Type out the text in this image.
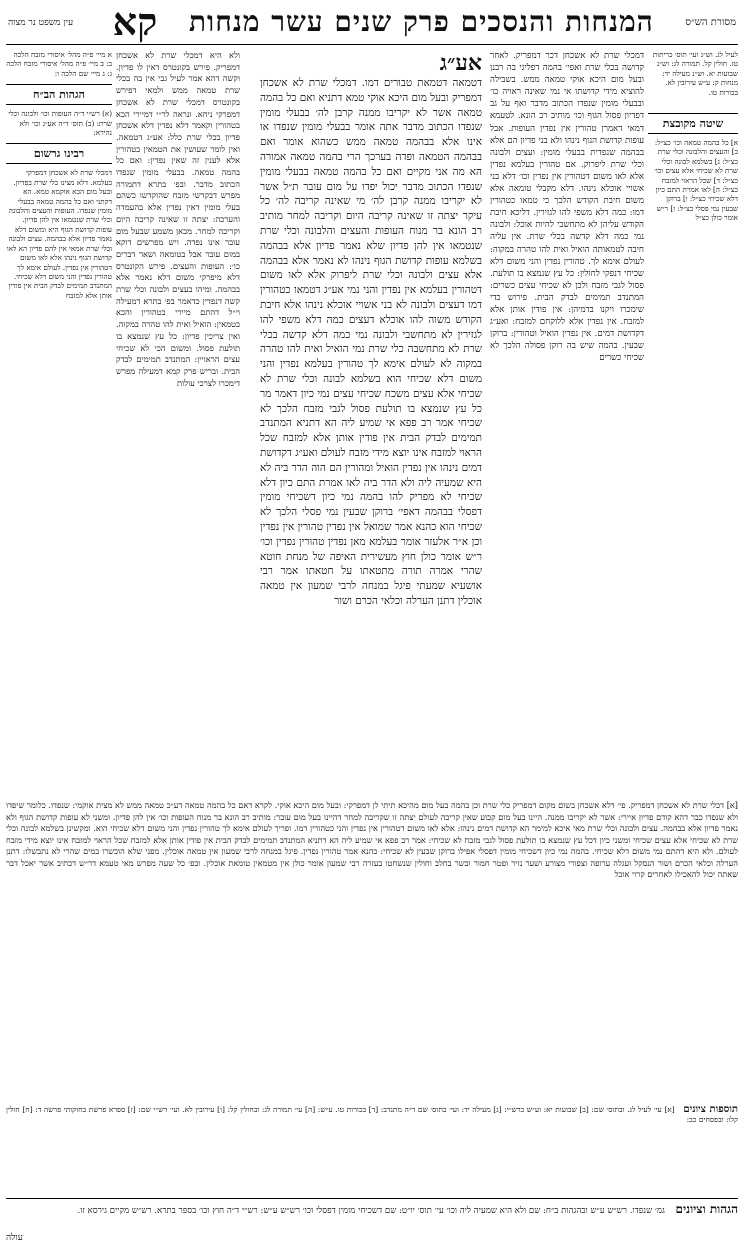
מסורת הש״ס
המנחות והנסכים פרק שנים עשר מנחות
קא
עין משפט נר מצוה
לעיל לג. וש״נ ועי׳ תוס׳ כריתות טז. חולין קל. תמורה לג: וש״נ שבועות יא. וש״נ מעילה יד: מנחות ק: ע״ש עירובין לא. בכורות טו.
שיטה מקובצת
א] כל בהמה טמאה וכו׳ כצ״ל: ב] והעצים והלבונה וכלי שרת כצ״ל: ג] בשלמא לבונה וכלי שרת לא שכיחי אלא עצים וכו׳ כצ״ל: ד] שכל הראוי למזבח כצ״ל: ה] לאו אמרת התם כיון דלא שכיחי כצ״ל: ו] ברוקן שבעין נמי פסלי כצ״ל: ז] ר״ש אומר כולן כצ״ל
דמכלי שרת לא אשכחן דכר דמפריק. לאחר קדושה בכלי שרת ואפי׳ בהמה דפליגי בה רבנן ובעל מום היכא אוקי טמאה ממש. בשבילה להוציא מידי קדושתו אי נמי שאינה ראויה כו׳ ובבעלי מומין שנפדו הכתוב מדבר ואף על גב דפדיון פסול הגוף וכו׳ מותיב רב הונא. לטעמא דמאי דאמרן טהורין אין נפדין העופות. אבל עופות קדושת הגוף נינהו ולא בני פדיון הם אלא בבהמה שנפדית בבעלי מומין: ועצים ולבונה וכלי שרת ליפרוק. אם טהורין בעלמא נפדין אלא לאו משום דטהורין אין נפדין וכו׳ דלא בני אשויי אוכלא נינהו. דלא מקבלי טומאה אלא משום חיבת הקודש הלכך כי טמאו כטהורין דמו: כמה דלא משפי להו לגזירין. דליכא חיבת הקודש עליהן לא מתחשבי להיות אוכל: ולבונה נמי כמה דלא קדשה בכלי שרת. אין עליה חיבה לטמאותה הואיל ואית להו טהרה במקוה: לעולם אימא לך. טהורין נפדין והני משום דלא שכיחי דנפקי לחולין: כל עץ שנמצא בו תולעת. פסול לגבי מזבח ולכן לא שכיחי עצים כשרים: המתנדב תמימים לבדק הבית. פירוש כדי שימכרו ויקנו בדמיהן: אין פודין אותן אלא למזבח. אין נפדין אלא ללוקחם למזבח: ואע״ג דקדושת דמים. אין נפדין הואיל וטהורין: ברוקן שבעין. בהמה שיש בה רוקן פסולה הלכך לא שכיחי כשרים
אע״ג
דטמאה דטמאת טבורים דמו. דמכלי שרת לא אשכחן דמפריק ובעל מום היכא אוקי טמא דתניא ואם כל בהמה טמאה אשר לא יקריבו ממנה קרבן לה׳ בבעלי מומין שנפדו הכתוב מדבר אתה אומר בבעלי מומין שנפדו או אינו אלא בבהמה טמאה ממש כשהוא אומר ואם בבהמה הטמאה ופדה בערכך הרי בהמה טמאה אמורה הא מה אני מקיים ואם כל בהמה טמאה בבעלי מומין שנפדו הכתוב מדבר יכול יפדו על מום עובר ת״ל אשר לא יקריבו ממנה קרבן לה׳ מי שאינה קריבה לה׳ כל עיקר יצתה זו שאינה קריבה היום וקריבה למחר מותיב רב הונא בר מנוח העופות והעצים והלבונה וכלי שרת שנטמאו אין להן פדיון שלא נאמר פדיון אלא בבהמה בשלמא עופות קדושת הגוף נינהו לא נאמר אלא בבהמה אלא עצים ולבונה וכלי שרת ליפרוק אלא לאו משום דטהורין בעלמא אין נפדין והני נמי אע״ג דטמאו כטהורין דמו דעצים ולבונה לא בני אשויי אוכלא נינהו אלא חיבת הקודש משוה להו אוכלא דעצים כמה דלא משפי להו לגזירין לא מתחשבי ולבונה נמי כמה דלא קדשה בכלי שרת לא מתחשבה כלי שרת נמי הואיל ואית להו טהרה במקוה לא לעולם אימא לך טהורין בעלמא נפדין והני משום דלא שכיחי הוא בשלמא לבונה וכלי שרת לא שכיחי אלא עצים משכח שכיחי עצים נמי כיון דאמר מר כל עץ שנמצא בו תולעת פסול לגבי מזבח הלכך לא שכיחי אמר רב פפא אי שמיע ליה הא דתניא המתנדב תמימים לבדק הבית אין פודין אותן אלא למזבח שכל הראוי למזבח אינו יוצא מידי מזבח לעולם ואע״ג דקדושת דמים נינהו אין נפדין הואיל ומהורין הם הוה הדר ביה לא היא שמעיה ליה ולא הדר ביה לאו אמרת התם כיון דלא שכיחי לא מפריק להו בהמה נמי כיון דשכיחי מומין דפסלי בבהמה דאפי׳ ברוקן שבעין נמי פסלי הלכך לא שכיחי הוא כהנא אמר שמואל אין נפדין טהורין אין נפדין וכן א״ר אלעזר אומר בעלמא מאן נפדין טהורין נפדין וכו׳ ר״ש אומר כולן חוץ מעשירית האיפה של מנחת חוטא שהרי אמרה תורה מתטאתו על חטאתו אמר רבי אושעיא שמעתי פיגל במנחה לרבי שמעון אין טמאה אוכלין דתנן הערלה וכלאי הכרם ושור
ולא היא דמכלי שרת לא אשכחן דמפריק. פירש בקונטרס דאין לו פדיון. וקשה דהא אמר לעיל גבי אין בה בכלי שרת טמאה ממש ולמאי דפירש בקונטרס דמכלי שרת לא אשכחן דמפרקי ניחא. ונראה לר״י דמיירי הכא בטהורין וקאמר דלא נפדין דלא אשכחן פדיון בכלי שרת כלל: אע״ג דטמאה. ואין לומר שעושין את הטמאין כטהורין אלא לענין זה שאין נפדין: ואם כל בהמה טמאה. בבעלי מומין שנפדו הכתוב מדבר. ובפ׳ בתרא דתמורה מפרש דבקדשי מזבח שהוקדשו כשהם בעלי מומין דאין נפדין אלא בהעמדה והערכה: יצתה זו שאינה קריבה היום וקריבה למחר. מכאן משמע שבעל מום עובר אינו נפדה. ויש מפרשים דוקא במום עובר אבל בטומאה ושאר דברים כו׳: העופות והעצים. פירש הקונטרס דלא מיפרקי משום דלא נאמר אלא בבהמה. ומיהו בעצים ולבונה וכלי שרת קשה דנפדין כדאמר בפ׳ בתרא דמעילה וי״ל דהתם מיירי בטהורין והכא בטמאין: הואיל ואית להו טהרה במקוה. ואין צריכין פדיון: כל עץ שנמצא בו תולעת פסול. ומשום הכי לא שכיחי עצים הראויין: המתנדב תמימים לבדק הבית. ובריש פרק קמא דמעילה מפרש דימכרו לצרכי עולות
א מיי׳ פ״ה מהל׳ איסורי מזבח הלכה ב: ב מיי׳ פ״ה מהל׳ איסורי מזבח הלכה ג: ג מיי׳ שם הלכה ו:
הגהות הב״ח
(א) רש״י ד״ה העופות וכו׳ ולבונה וכלי שרת: (ב) תוס׳ ד״ה אע״ג וכו׳ ולא נהירא:
רבינו גרשום
דמכלי שרת לא אשכחן דמפרקי בעלמא. דלא מצינו כלי שרת בפדיון. ובעל מום הכא אוקמא טמא. הא דקתני ואם כל בהמה טמאה בבעלי מומין שנפדו. העופות והעצים והלבונה וכלי שרת שנטמאו אין להן פדיון. עופות קדושת הגוף היא ומשום דלא נאמר פדיון אלא בבהמה. עצים ולבונה וכלי שרת אמאי אין להם פדיון הא לאו קדושת הגוף נינהו אלא לאו משום דטהורין אין נפדין. לעולם אימא לך טהורין נפדין והני משום דלא שכיחי. המתנדב תמימים לבדק הבית אין פודין אותן אלא למזבח
[א] דכלי שרת לא אשכחן דמפריק. פי׳ דלא אשכחן בשום מקום דמפריק כלי שרת וכן בהמה בעל מום מהיכא תיתי לן דמפרקי: ובעל מום היכא אוקי. לקרא דאם כל בהמה טמאה דע״כ טמאה ממש לא מצית אוקמי: שנפדו. כלומר שיפדו ולא שנפדו כבר דהא קודם פדיון איירי: אשר לא יקריבו ממנה. היינו בעל מום קבוע שאין קריבה לעולם יצתה זו שקריבה למחר דהיינו בעל מום עובר: מותיב רב הונא בר מנוח העופות וכו׳ אין להן פדיון. ומשני לא עופות קדושת הגוף ולא נאמר פדיון אלא בבהמה. עצים ולבונה וכלי שרת מאי איכא למימר הא קדושת דמים נינהו: אלא לאו משום דטהורין אין נפדין והני כטהורין דמו. ופריך לעולם אימא לך טהורין נפדין והני משום דלא שכיחי הוא. ומקשינן בשלמא לבונה וכלי שרת לא שכיחי אלא עצים שכיחי ומשני כיון דכל עץ שנמצא בו תולעת פסול לגבי מזבח לא שכיחי: אמר רב פפא אי שמיע ליה הא דתניא המתנדב תמימים לבדק הבית אין פודין אותן אלא למזבח שכל הראוי למזבח אינו יוצא מידי מזבח לעולם. ולא היא דהתם נמי משום דלא שכיחי. בהמה נמי כיון דשכיחי מומין דפסלי אפילו ברוקן שבעין לא שכיחי: כהנא אמר טהורין נפדין. פיגל במנחה לרבי שמעון אין טמאה אוכלין. מפני שלא הוכשרו במים שהרי לא נתבשלו: דתנן הערלה וכלאי הכרם ושור הנסקל ועגלה ערופה וצפורי מצורע ושער נזיר ופטר חמור ובשר בחלב וחולין שנשחטו בעזרה רבי שמעון אומר כולן אין מטמאין טומאת אוכלין. ובפ׳ כל שעה מפרש מאי טעמא דר״ש דכתיב אשר יאכל דבר שאתה יכול להאכילו לאחרים קרוי אוכל
תוספות ציונים [א] עי׳ לעיל לג. ובתוס׳ שם: [ב] שבועות יא: וע״ש ברש״י: [ג] מעילה יד: ועי׳ בתוס׳ שם ד״ה מתנדב: [ד] בכורות טו. ע״ש: [ה] עי׳ תמורה לג: ובחולין קל: [ו] עירובין לא. ועי׳ רש״י שם: [ז] ספרא פרשת בחוקותי פרשה ד: [ח] חולין קלו: ובפסחים כב:
הגהות וציונים גמ׳ שנפדו. רש״ש ע״ש ובהגהות ב״ח: שם ולא היא שמעיה ליה וכו׳ עי׳ תוס׳ יו״ט: שם דשכיחי מומין דפסלי וכו׳ רש״ש ע״ש: רש״י ד״ה חוץ וכו׳ בספר בתרא. רש״ש מקיים גירסא זו.
עולה
